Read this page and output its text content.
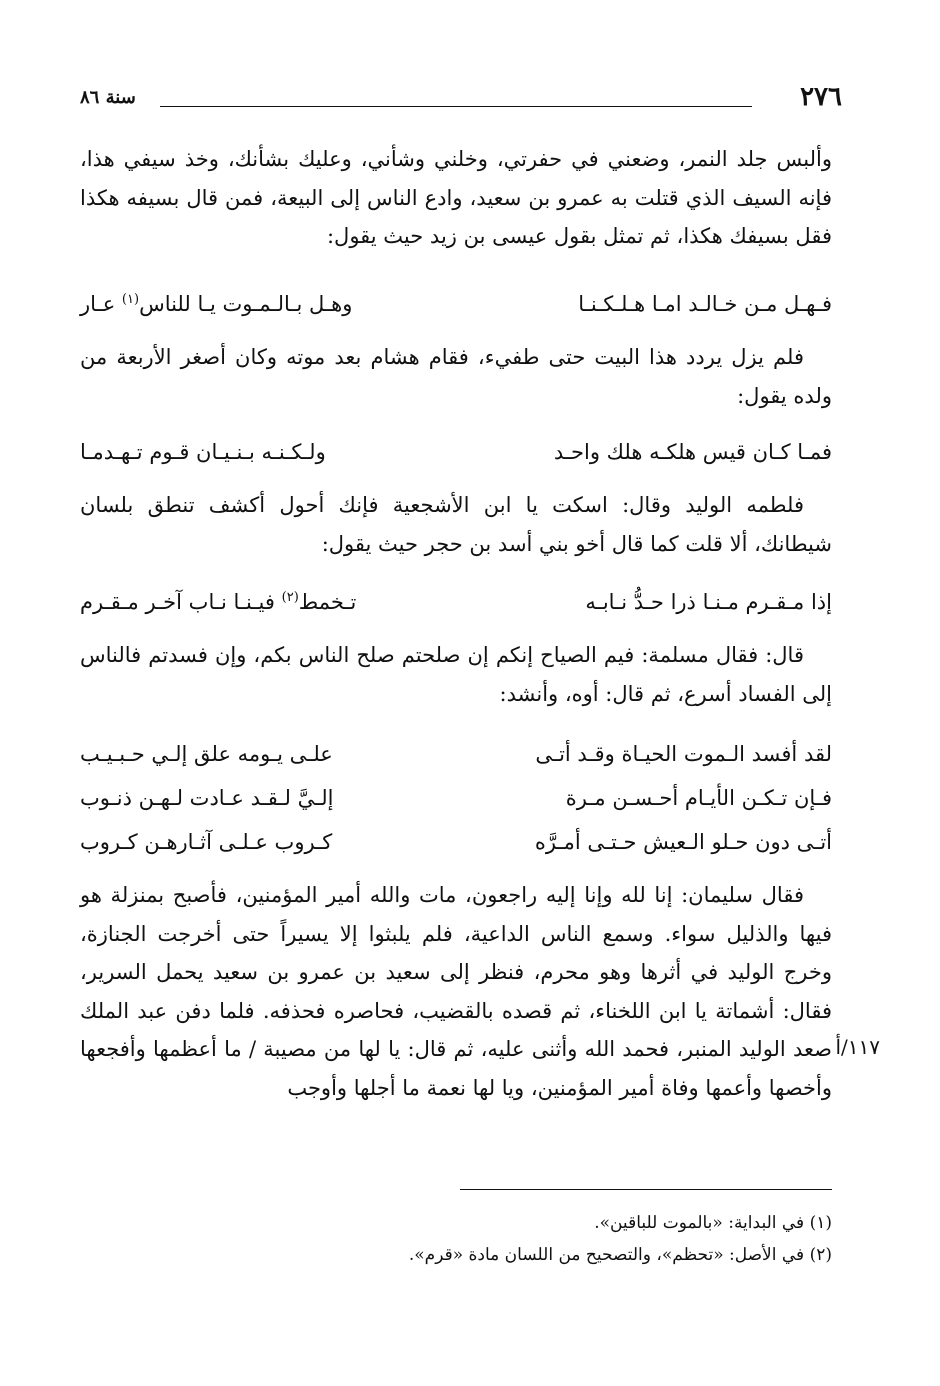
٢٧٦
سنة ٨٦
وألبس جلد النمر، وضعني في حفرتي، وخلني وشأني، وعليك بشأنك، وخذ سيفي هذا، فإنه السيف الذي قتلت به عمرو بن سعيد، وادع الناس إلى البيعة، فمن قال بسيفه هكذا فقل بسيفك هكذا، ثم تمثل بقول عيسى بن زيد حيث يقول:
فـهـل مـن خـالـد امـا هـلـكـنـا
وهـل بـالـمـوت يـا للناس$^{(١)}$ عـار
فلم يزل يردد هذا البيت حتى طفيء، فقام هشام بعد موته وكان أصغر الأربعة من ولده يقول:
فمـا كـان قيس هلكـه هلك واحـد
ولـكـنـه بـنـيـان قـوم تـهـدمـا
فلطمه الوليد وقال: اسكت يا ابن الأشجعية فإنك أحول أكشف تنطق بلسان شيطانك، ألا قلت كما قال أخو بني أسد بن حجر حيث يقول:
إذا مـقـرم مـنـا ذرا حـدُّ نـابـه
تـخمط$^{(٢)}$ فيـنـا نـاب آخـر مـقـرم
قال: فقال مسلمة: فيم الصياح إنكم إن صلحتم صلح الناس بكم، وإن فسدتم فالناس إلى الفساد أسرع، ثم قال: أوه، وأنشد:
لقد أفسد الـموت الحيـاة وقـد أتـى
علـى يـومه علق إلـي حـبـيـب
فـإن تـكـن الأيـام أحـسـن مـرة
إلـيَّ لـقـد عـادت لـهـن ذنـوب
أتـى دون حـلو الـعيش حـتـى أمـرَّه
كـروب عـلـى آثـارهـن كـروب
فقال سليمان: إنا لله وإنا إليه راجعون، مات والله أمير المؤمنين، فأصبح بمنزلة هو فيها والذليل سواء. وسمع الناس الداعية، فلم يلبثوا إلا يسيراً حتى أخرجت الجنازة، وخرج الوليد في أثرها وهو محرم، فنظر إلى سعيد بن عمرو بن سعيد يحمل السرير، فقال: أشماتة يا ابن اللخناء، ثم قصده بالقضيب، فحاصره فحذفه. فلما دفن عبد الملك صعد الوليد المنبر، فحمد الله وأثنى عليه، ثم قال: يا لها من مصيبة / ما أعظمها وأفجعها وأخصها وأعمها وفاة أمير المؤمنين، ويا لها نعمة ما أجلها وأوجب
١١٧/أ
(١) في البداية: «بالموت للباقين».
(٢) في الأصل: «تحظم»، والتصحيح من اللسان مادة «قرم».
